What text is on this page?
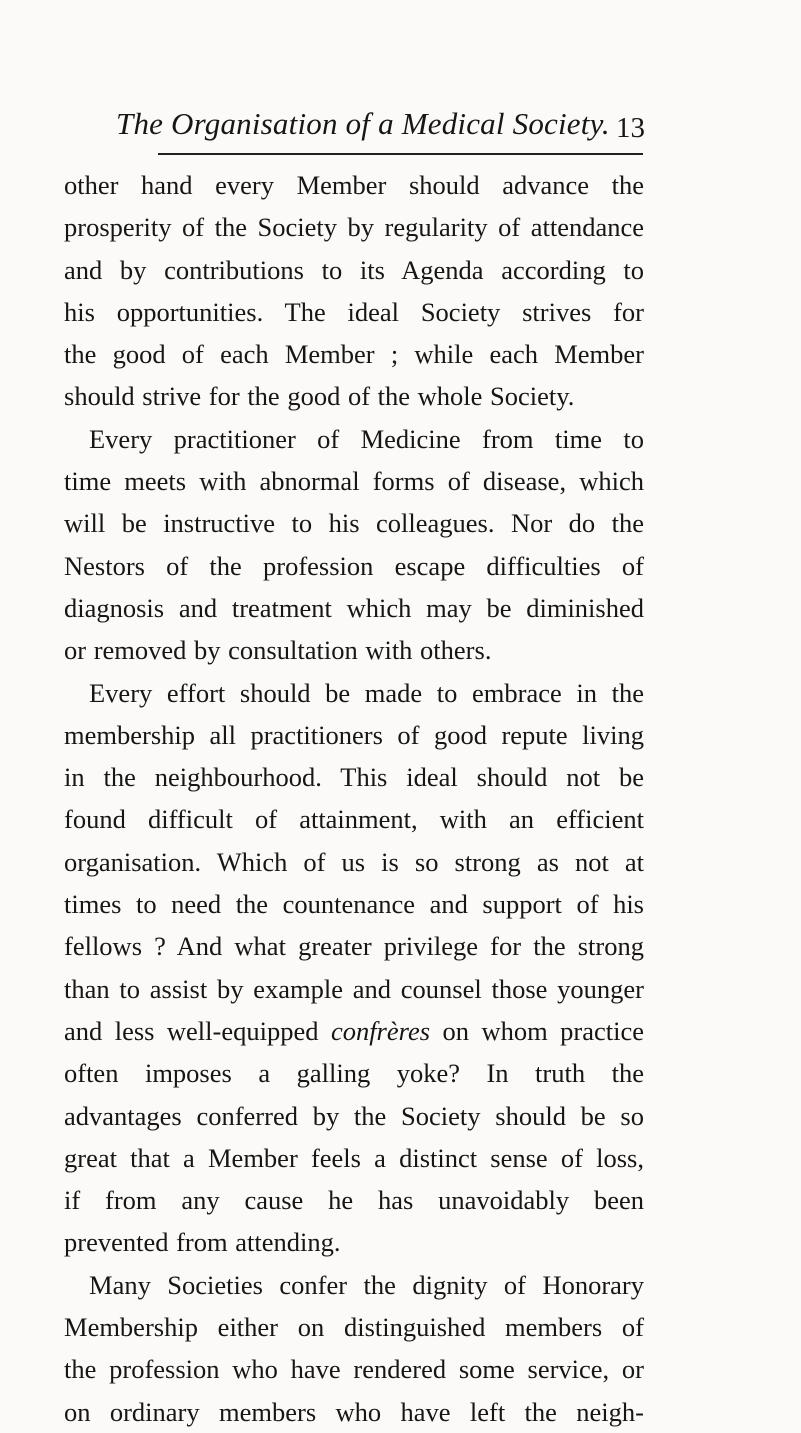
The Organisation of a Medical Society. 13
other hand every Member should advance the
prosperity of the Society by regularity of attendance
and by contributions to its Agenda according to
his opportunities. The ideal Society strives for
the good of each Member ; while each Member
should strive for the good of the whole Society.
Every practitioner of Medicine from time to
time meets with abnormal forms of disease, which
will be instructive to his colleagues. Nor do the
Nestors of the profession escape difficulties of
diagnosis and treatment which may be diminished
or removed by consultation with others.
Every effort should be made to embrace in the
membership all practitioners of good repute living
in the neighbourhood. This ideal should not be
found difficult of attainment, with an efficient
organisation. Which of us is so strong as not at
times to need the countenance and support of his
fellows ? And what greater privilege for the strong
than to assist by example and counsel those younger
and less well-equipped confrères on whom practice
often imposes a galling yoke? In truth the
advantages conferred by the Society should be so
great that a Member feels a distinct sense of loss,
if from any cause he has unavoidably been
prevented from attending.
Many Societies confer the dignity of Honorary
Membership either on distinguished members of
the profession who have rendered some service, or
on ordinary members who have left the neigh-
